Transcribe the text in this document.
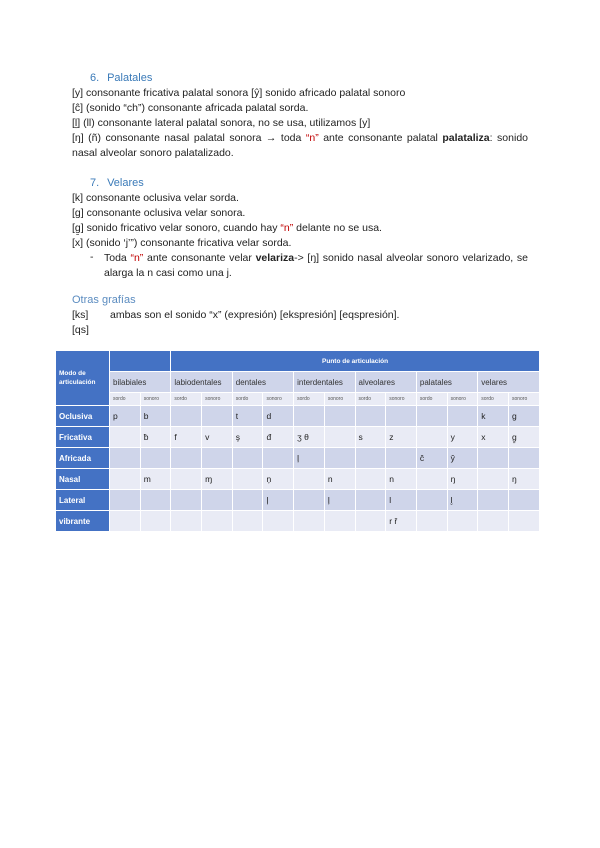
6. Palatales
[y] consonante fricativa palatal sonora [ŷ] sonido africado palatal sonoro
[ĉ] (sonido “ch”) consonante africada palatal sorda.
[l̮] (ll) consonante lateral palatal sonora, no se usa, utilizamos [y]
[ŋ] (ñ) consonante nasal palatal sonora → toda “n” ante consonante palatal palataliza: sonido nasal alveolar sonoro palatalizado.
7. Velares
[k] consonante oclusiva velar sorda.
[g] consonante oclusiva velar sonora.
[g̱] sonido fricativo velar sonoro, cuando hay “n” delante no se usa.
[x] (sonido ‘j’”) consonante fricativa velar sorda.
-	Toda “n” ante consonante velar velariza-> [ŋ] sonido nasal alveolar sonoro velarizado, se alarga la n casi como una j.
Otras grafías
[ks]	ambas son el sonido “x” (expresión) [ekspresión] [eqspresión].
[qs]
Modo de articulación			Punto de articulación											
	bilabiales		labiodentales		dentales		interdentales		alveolares		palatales		velares	
	sordo	sonoro	sordo	sonoro	sordo	sonoro	sordo	sonoro	sordo	sonoro	sordo	sonoro	sordo	sonoro
Oclusiva	p	b			t	d							k	g
Fricativa		ƀ	f	v	ş	đ	ʒ θ		s	z		y	x	g̱
Africada							ļ				ĉ	ŷ		
Nasal		m		ɱ		ņ		n		n		ŋ		ŋ
Lateral						ļ		ļ		l		l̮		
vibrante										r ř				
